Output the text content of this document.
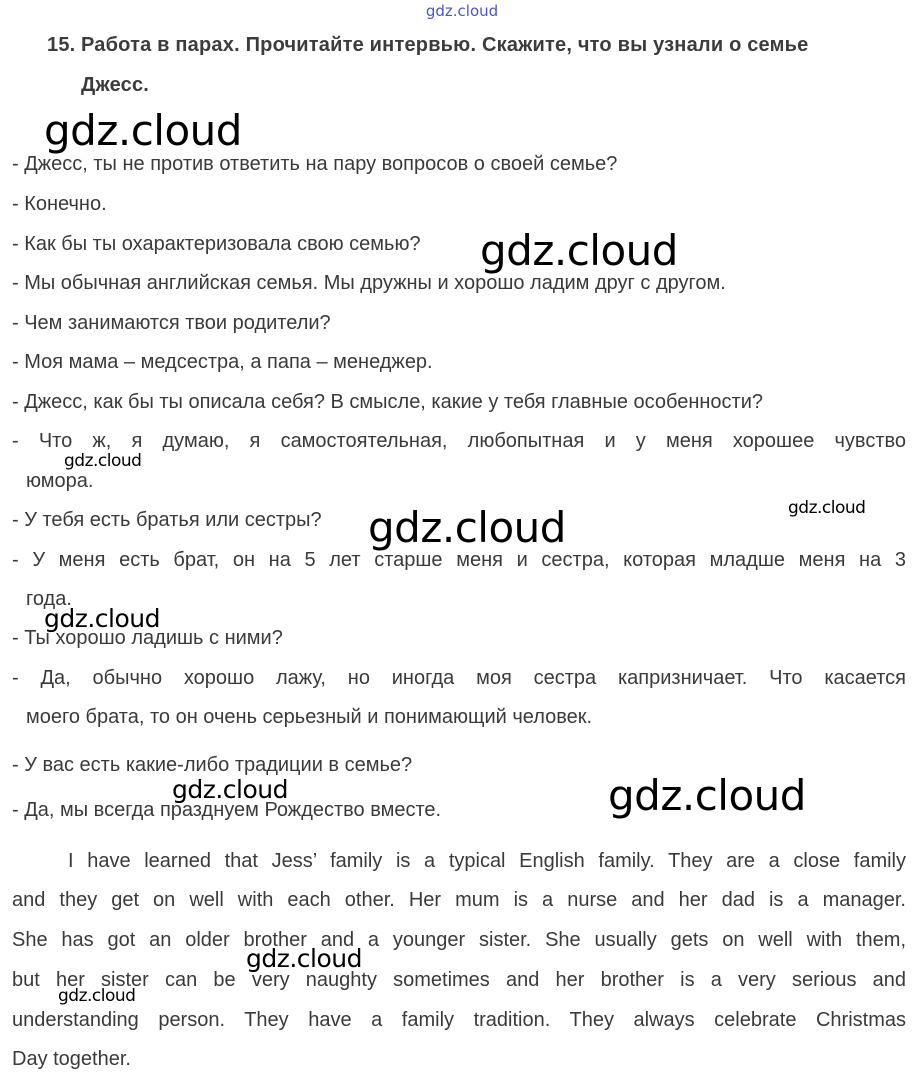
gdz.cloud
15. Работа в парах. Прочитайте интервью. Скажите, что вы узнали о семье
Джесс.
- Джесс, ты не против ответить на пару вопросов о своей семье?
- Конечно.
- Как бы ты охарактеризовала свою семью?
- Мы обычная английская семья. Мы дружны и хорошо ладим друг с другом.
- Чем занимаются твои родители?
- Моя мама – медсестра, а папа – менеджер.
- Джесс, как бы ты описала себя? В смысле, какие у тебя главные особенности?
- Что ж, я думаю, я самостоятельная, любопытная и у меня хорошее чувство
юмора.
- У тебя есть братья или сестры?
- У меня есть брат, он на 5 лет старше меня и сестра, которая младше меня на 3
года.
- Ты хорошо ладишь с ними?
- Да, обычно хорошо лажу, но иногда моя сестра капризничает. Что касается
моего брата, то он очень серьезный и понимающий человек.
- У вас есть какие-либо традиции в семье?
- Да, мы всегда празднуем Рождество вместе.
I have learned that Jess’ family is a typical English family. They are a close family
and they get on well with each other. Her mum is a nurse and her dad is a manager.
She has got an older brother and a younger sister. She usually gets on well with them,
but her sister can be very naughty sometimes and her brother is a very serious and
understanding person. They have a family tradition. They always celebrate Christmas
Day together.
gdz.cloud
gdz.cloud
gdz.cloud
gdz.cloud	gdz.cloud
gdz.cloud
gdz.cloud	gdz.cloud
gdz.cloud
gdz.cloud
